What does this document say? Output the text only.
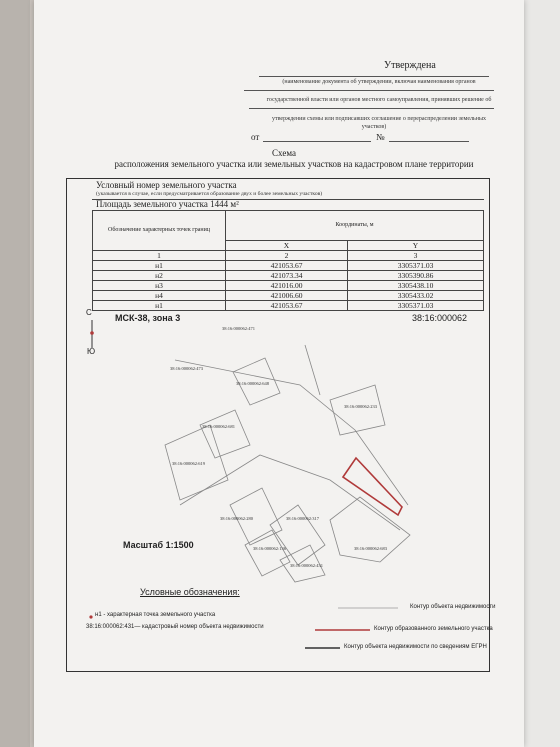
Утверждена
(наименование документа об утверждении, включая наименования органов
государственной власти или органов местного самоуправления, принявших решение об
утверждении схемы или подписавших соглашение о перераспределении земельных
участков)
от	№
Схема
расположения земельного участка или земельных участков на кадастровом плане территории
Условный номер земельного участка
(указывается в случае, если предусматривается образование двух и более земельных участков)
Площадь земельного участка 1444 м²
Обозначение характерных точек границ	Координаты, м	
	X	Y
1	2	3
н1	421053.67	3305371.03
н2	421073.34	3305390.86
н3	421016.00	3305438.10
н4	421006.60	3305433.02
н1	421053.67	3305371.03
С
Ю
МСК-38, зона 3	38:16:000062
38:16:000062:471
38:16:000062:473
38:16:000062:648
38:16:000062:233
38:16:000062:681
38:16:000062:619
38:16:000062:280	38:16:000062:317
38:16:000062:136	38:16:000062:683
38:16:000062:431
Масштаб 1:1500
Условные обозначения:
н1 - характерная точка земельного участка
38:16:000062:431— кадастровый номер объекта недвижимости
Контур объекта недвижимости
Контур образованного земельного участка
Контур объекта недвижимости по сведениям ЕГРН
